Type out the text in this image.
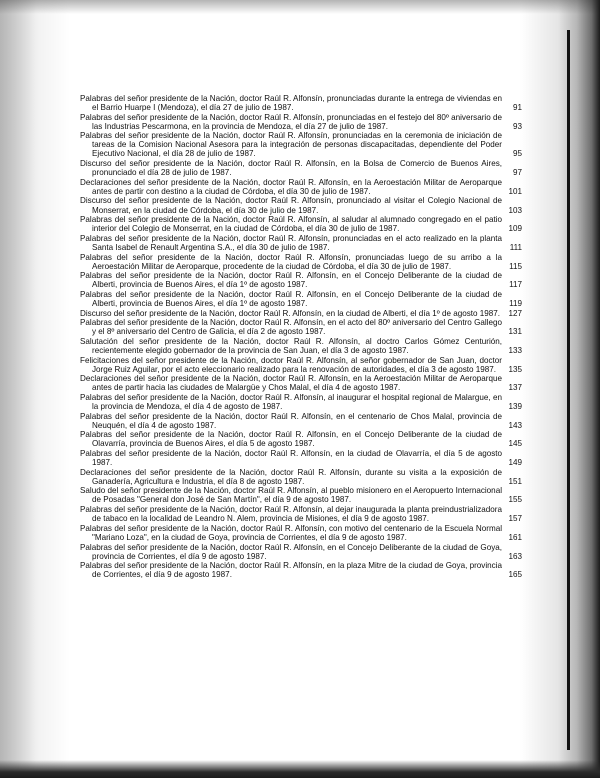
Palabras del señor presidente de la Nación, doctor Raúl R. Alfonsín, pronunciadas durante la entrega de viviendas en el Barrio Huarpe I (Mendoza), el día 27 de julio de 1987.	91
Palabras del señor presidente de la Nación, doctor Raúl R. Alfonsín, pronunciadas en el festejo del 80º aniversario de las Industrias Pescarmona, en la provincia de Mendoza, el día 27 de julio de 1987.	93
Palabras del señor presidente de la Nación, doctor Raúl R. Alfonsín, pronunciadas en la ceremonia de iniciación de tareas de la Comision Nacional Asesora para la integración de personas discapacitadas, dependiente del Poder Ejecutivo Nacional, el día 28 de julio de 1987.	95
Discurso del señor presidente de la Nación, doctor Raúl R. Alfonsín, en la Bolsa de Comercio de Buenos Aires, pronunciado el día 28 de julio de 1987.	97
Declaraciones del señor presidente de la Nación, doctor Raúl R. Alfonsín, en la Aeroestación Militar de Aeroparque antes de partir con destino a la ciudad de Córdoba, el día 30 de julio de 1987.	101
Discurso del señor presidente de la Nación, doctor Raúl R. Alfonsín, pronunciado al visitar el Colegio Nacional de Monserrat, en la ciudad de Córdoba, el día 30 de julio de 1987.	103
Palabras del señor presidente de la Nación, doctor Raúl R. Alfonsín, al saludar al alumnado congregado en el patio interior del Colegio de Monserrat, en la ciudad de Córdoba, el día 30 de julio de 1987.	109
Palabras del señor presidente de la Nación, doctor Raúl R. Alfonsín, pronunciadas en el acto realizado en la planta Santa Isabel de Renault Argentina S.A., el día 30 de julio de 1987.	111
Palabras del señor presidente de la Nación, doctor Raúl R. Alfonsín, pronunciadas luego de su arribo a la Aeroestación Militar de Aeroparque, procedente de la ciudad de Córdoba, el día 30 de julio de 1987.	115
Palabras del señor presidente de la Nación, doctor Raúl R. Alfonsín, en el Concejo Deliberante de la ciudad de Alberti, provincia de Buenos Aires, el día 1º de agosto 1987.	117
Palabras del señor presidente de la Nación, doctor Raúl R. Alfonsín, en el Concejo Deliberante de la ciudad de Alberti, provincia de Buenos Aires, el día 1º de agosto 1987.	119
Discurso del señor presidente de la Nación, doctor Raúl R. Alfonsín, en la ciudad de Alberti, el día 1º de agosto 1987.	127
Palabras del señor presidente de la Nación, doctor Raúl R. Alfonsín, en el acto del 80º aniversario del Centro Gallego y el 8º aniversario del Centro de Galicia, el día 2 de agosto 1987.	131
Salutación del señor presidente de la Nación, doctor Raúl R. Alfonsín, al doctro Carlos Gómez Centurión, recientemente elegido gobernador de la provincia de San Juan, el día 3 de agosto 1987.	133
Felicitaciones del señor presidente de la Nación, doctor Raúl R. Alfonsín, al señor gobernador de San Juan, doctor Jorge Ruiz Aguilar, por el acto eleccionario realizado para la renovación de autoridades, el día 3 de agosto 1987.	135
Declaraciones del señor presidente de la Nación, doctor Raúl R. Alfonsín, en la Aeroestación Militar de Aeroparque antes de partir hacia las ciudades de Malargüe y Chos Malal, el día 4 de agosto 1987.	137
Palabras del señor presidente de la Nación, doctor Raúl R. Alfonsín, al inaugurar el hospital regional de Malargue, en la provincia de Mendoza, el día 4 de agosto de 1987.	139
Palabras del señor presidente de la Nación, doctor Raúl R. Alfonsín, en el centenario de Chos Malal, provincia de Neuquén, el día 4 de agosto 1987.	143
Palabras del señor presidente de la Nación, doctor Raúl R. Alfonsín, en el Concejo Deliberante de la ciudad de Olavarría, provincia de Buenos Aires, el día 5 de agosto 1987.	145
Palabras del señor presidente de la Nación, doctor Raúl R. Alfonsín, en la ciudad de Olavarría, el día 5 de agosto 1987.	149
Declaraciones del señor presidente de la Nación, doctor Raúl R. Alfonsín, durante su visita a la exposición de Ganadería, Agricultura e Industria, el día 8 de agosto 1987.	151
Saludo del señor presidente de la Nación, doctor Raúl R. Alfonsín, al pueblo misionero en el Aeropuerto Internacional de Posadas "General don José de San Martín", el día 9 de agosto 1987.	155
Palabras del señor presidente de la Nación, doctor Raúl R. Alfonsín, al dejar inaugurada la planta preindustrializadora de tabaco en la localidad de Leandro N. Alem, provincia de Misiones, el día 9 de agosto 1987.	157
Palabras del señor presidente de la Nación, doctor Raúl R. Alfonsín, con motivo del centenario de la Escuela Normal "Mariano Loza", en la ciudad de Goya, provincia de Corrientes, el día 9 de agosto 1987.	161
Palabras del señor presidente de la Nación, doctor Raúl R. Alfonsín, en el Concejo Deliberante de la ciudad de Goya, provincia de Corrientes, el día 9 de agosto 1987.	163
Palabras del señor presidente de la Nación, doctor Raúl R. Alfonsín, en la plaza Mitre de la ciudad de Goya, provincia de Corrientes, el día 9 de agosto 1987.	165
